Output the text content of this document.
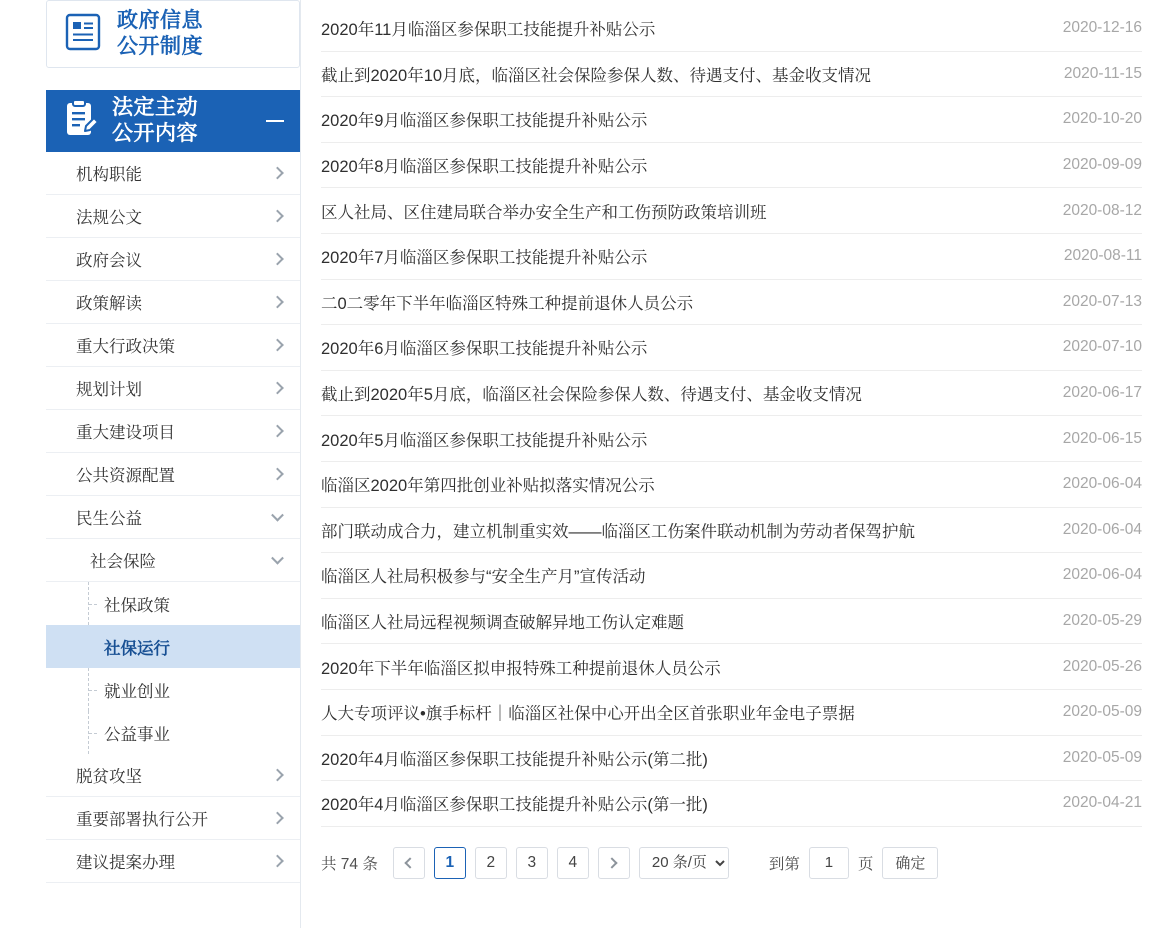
政府信息
公开制度
法定主动
公开内容
机构职能
法规公文
政府会议
政策解读
重大行政决策
规划计划
重大建设项目
公共资源配置
民生公益
社会保险
社保政策
社保运行
就业创业
公益事业
脱贫攻坚
重要部署执行公开
建议提案办理
2020年11月临淄区参保职工技能提升补贴公示	2020-12-16
截止到2020年10月底，临淄区社会保险参保人数、待遇支付、基金收支情况	2020-11-15
2020年9月临淄区参保职工技能提升补贴公示	2020-10-20
2020年8月临淄区参保职工技能提升补贴公示	2020-09-09
区人社局、区住建局联合举办安全生产和工伤预防政策培训班	2020-08-12
2020年7月临淄区参保职工技能提升补贴公示	2020-08-11
二0二零年下半年临淄区特殊工种提前退休人员公示	2020-07-13
2020年6月临淄区参保职工技能提升补贴公示	2020-07-10
截止到2020年5月底，临淄区社会保险参保人数、待遇支付、基金收支情况	2020-06-17
2020年5月临淄区参保职工技能提升补贴公示	2020-06-15
临淄区2020年第四批创业补贴拟落实情况公示	2020-06-04
部门联动成合力，建立机制重实效——临淄区工伤案件联动机制为劳动者保驾护航	2020-06-04
临淄区人社局积极参与“安全生产月”宣传活动	2020-06-04
临淄区人社局远程视频调查破解异地工伤认定难题	2020-05-29
2020年下半年临淄区拟申报特殊工种提前退休人员公示	2020-05-26
人大专项评议•旗手标杆｜临淄区社保中心开出全区首张职业年金电子票据	2020-05-09
2020年4月临淄区参保职工技能提升补贴公示(第二批)	2020-05-09
2020年4月临淄区参保职工技能提升补贴公示(第一批)	2020-04-21
共 74 条	1	2	3	4
20 条/页	到第
1	页	确定
